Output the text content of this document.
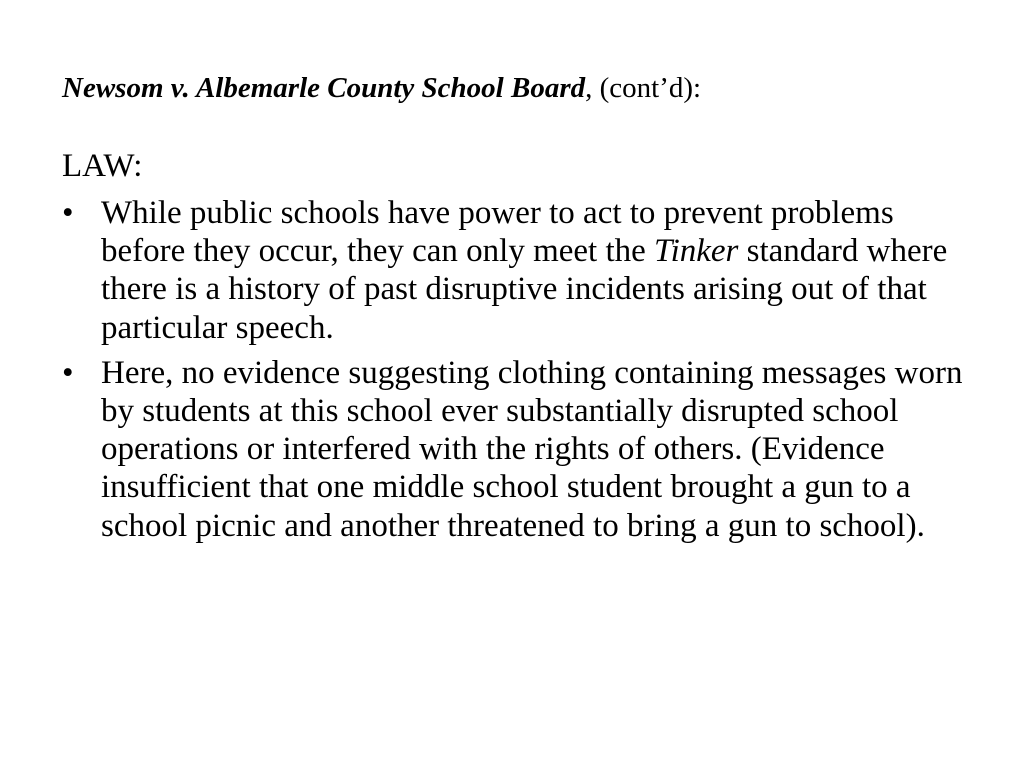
Newsom v. Albemarle County School Board, (cont’d):
LAW:
• While public schools have power to act to prevent problems before they occur, they can only meet the Tinker standard where there is a history of past disruptive incidents arising out of that particular speech.
• Here, no evidence suggesting clothing containing messages worn by students at this school ever substantially disrupted school operations or interfered with the rights of others. (Evidence insufficient that one middle school student brought a gun to a school picnic and another threatened to bring a gun to school).
